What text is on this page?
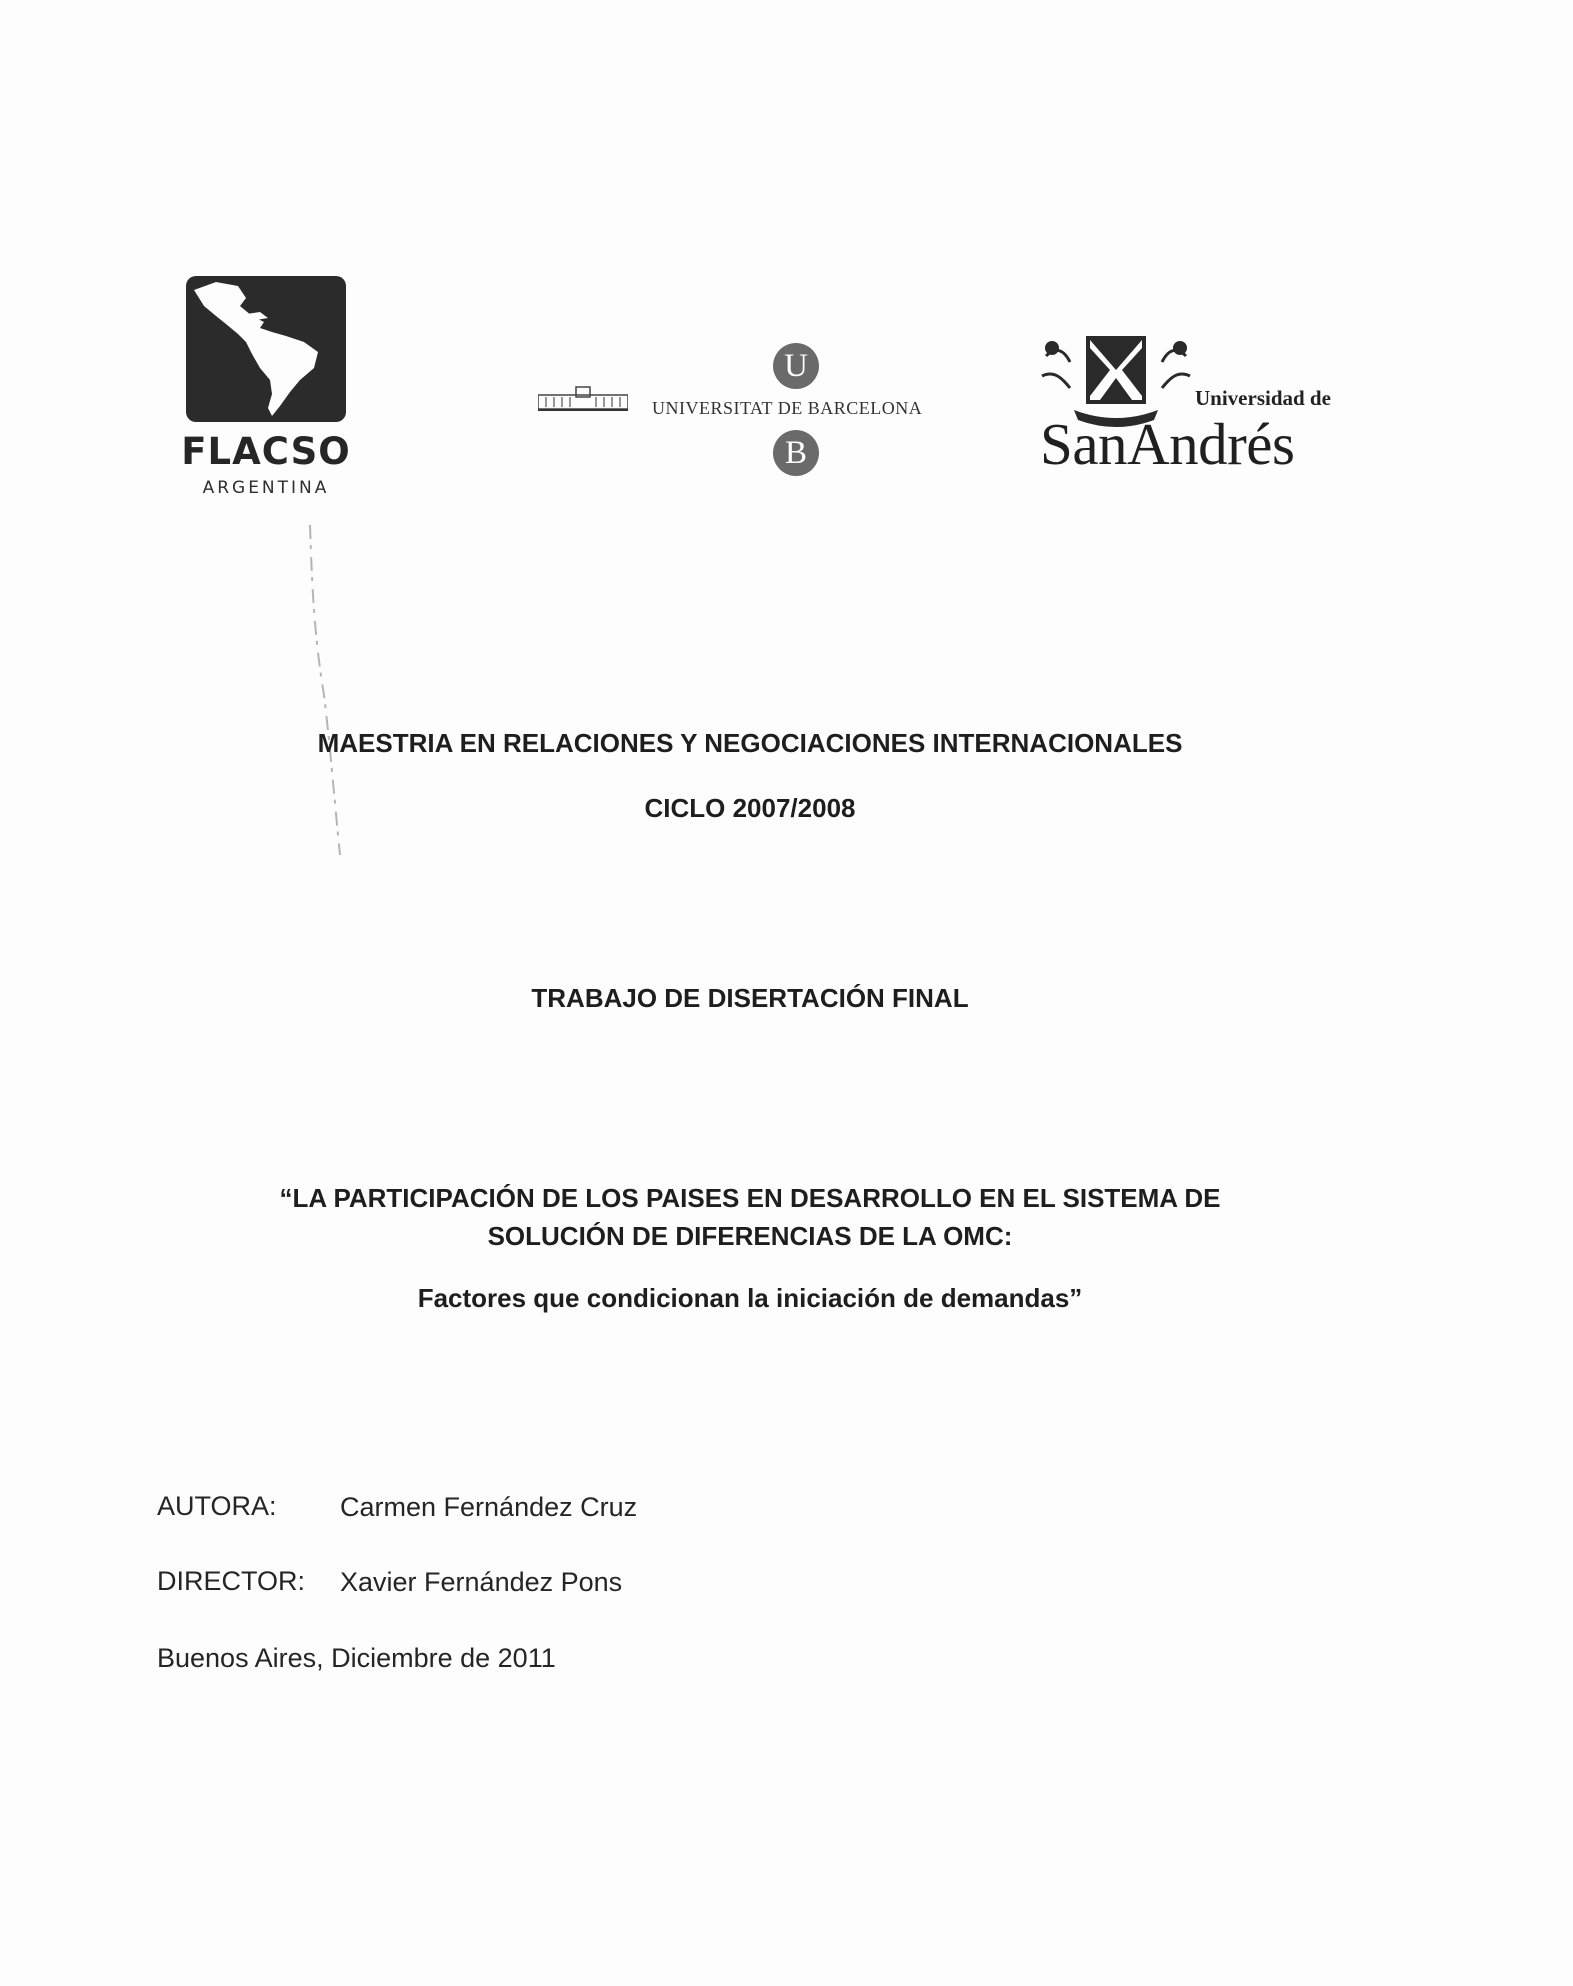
FLACSO
ARGENTINA
U
UNIVERSITAT DE BARCELONA
B
Universidad de
SanAndrés
MAESTRIA EN RELACIONES Y NEGOCIACIONES INTERNACIONALES
CICLO 2007/2008
TRABAJO DE DISERTACIÓN FINAL
“LA PARTICIPACIÓN DE LOS PAISES EN DESARROLLO EN EL SISTEMA DE
SOLUCIÓN DE DIFERENCIAS DE LA OMC:
Factores que condicionan la iniciación de demandas”
AUTORA: Carmen Fernández Cruz
DIRECTOR: Xavier Fernández Pons
Buenos Aires, Diciembre de 2011
